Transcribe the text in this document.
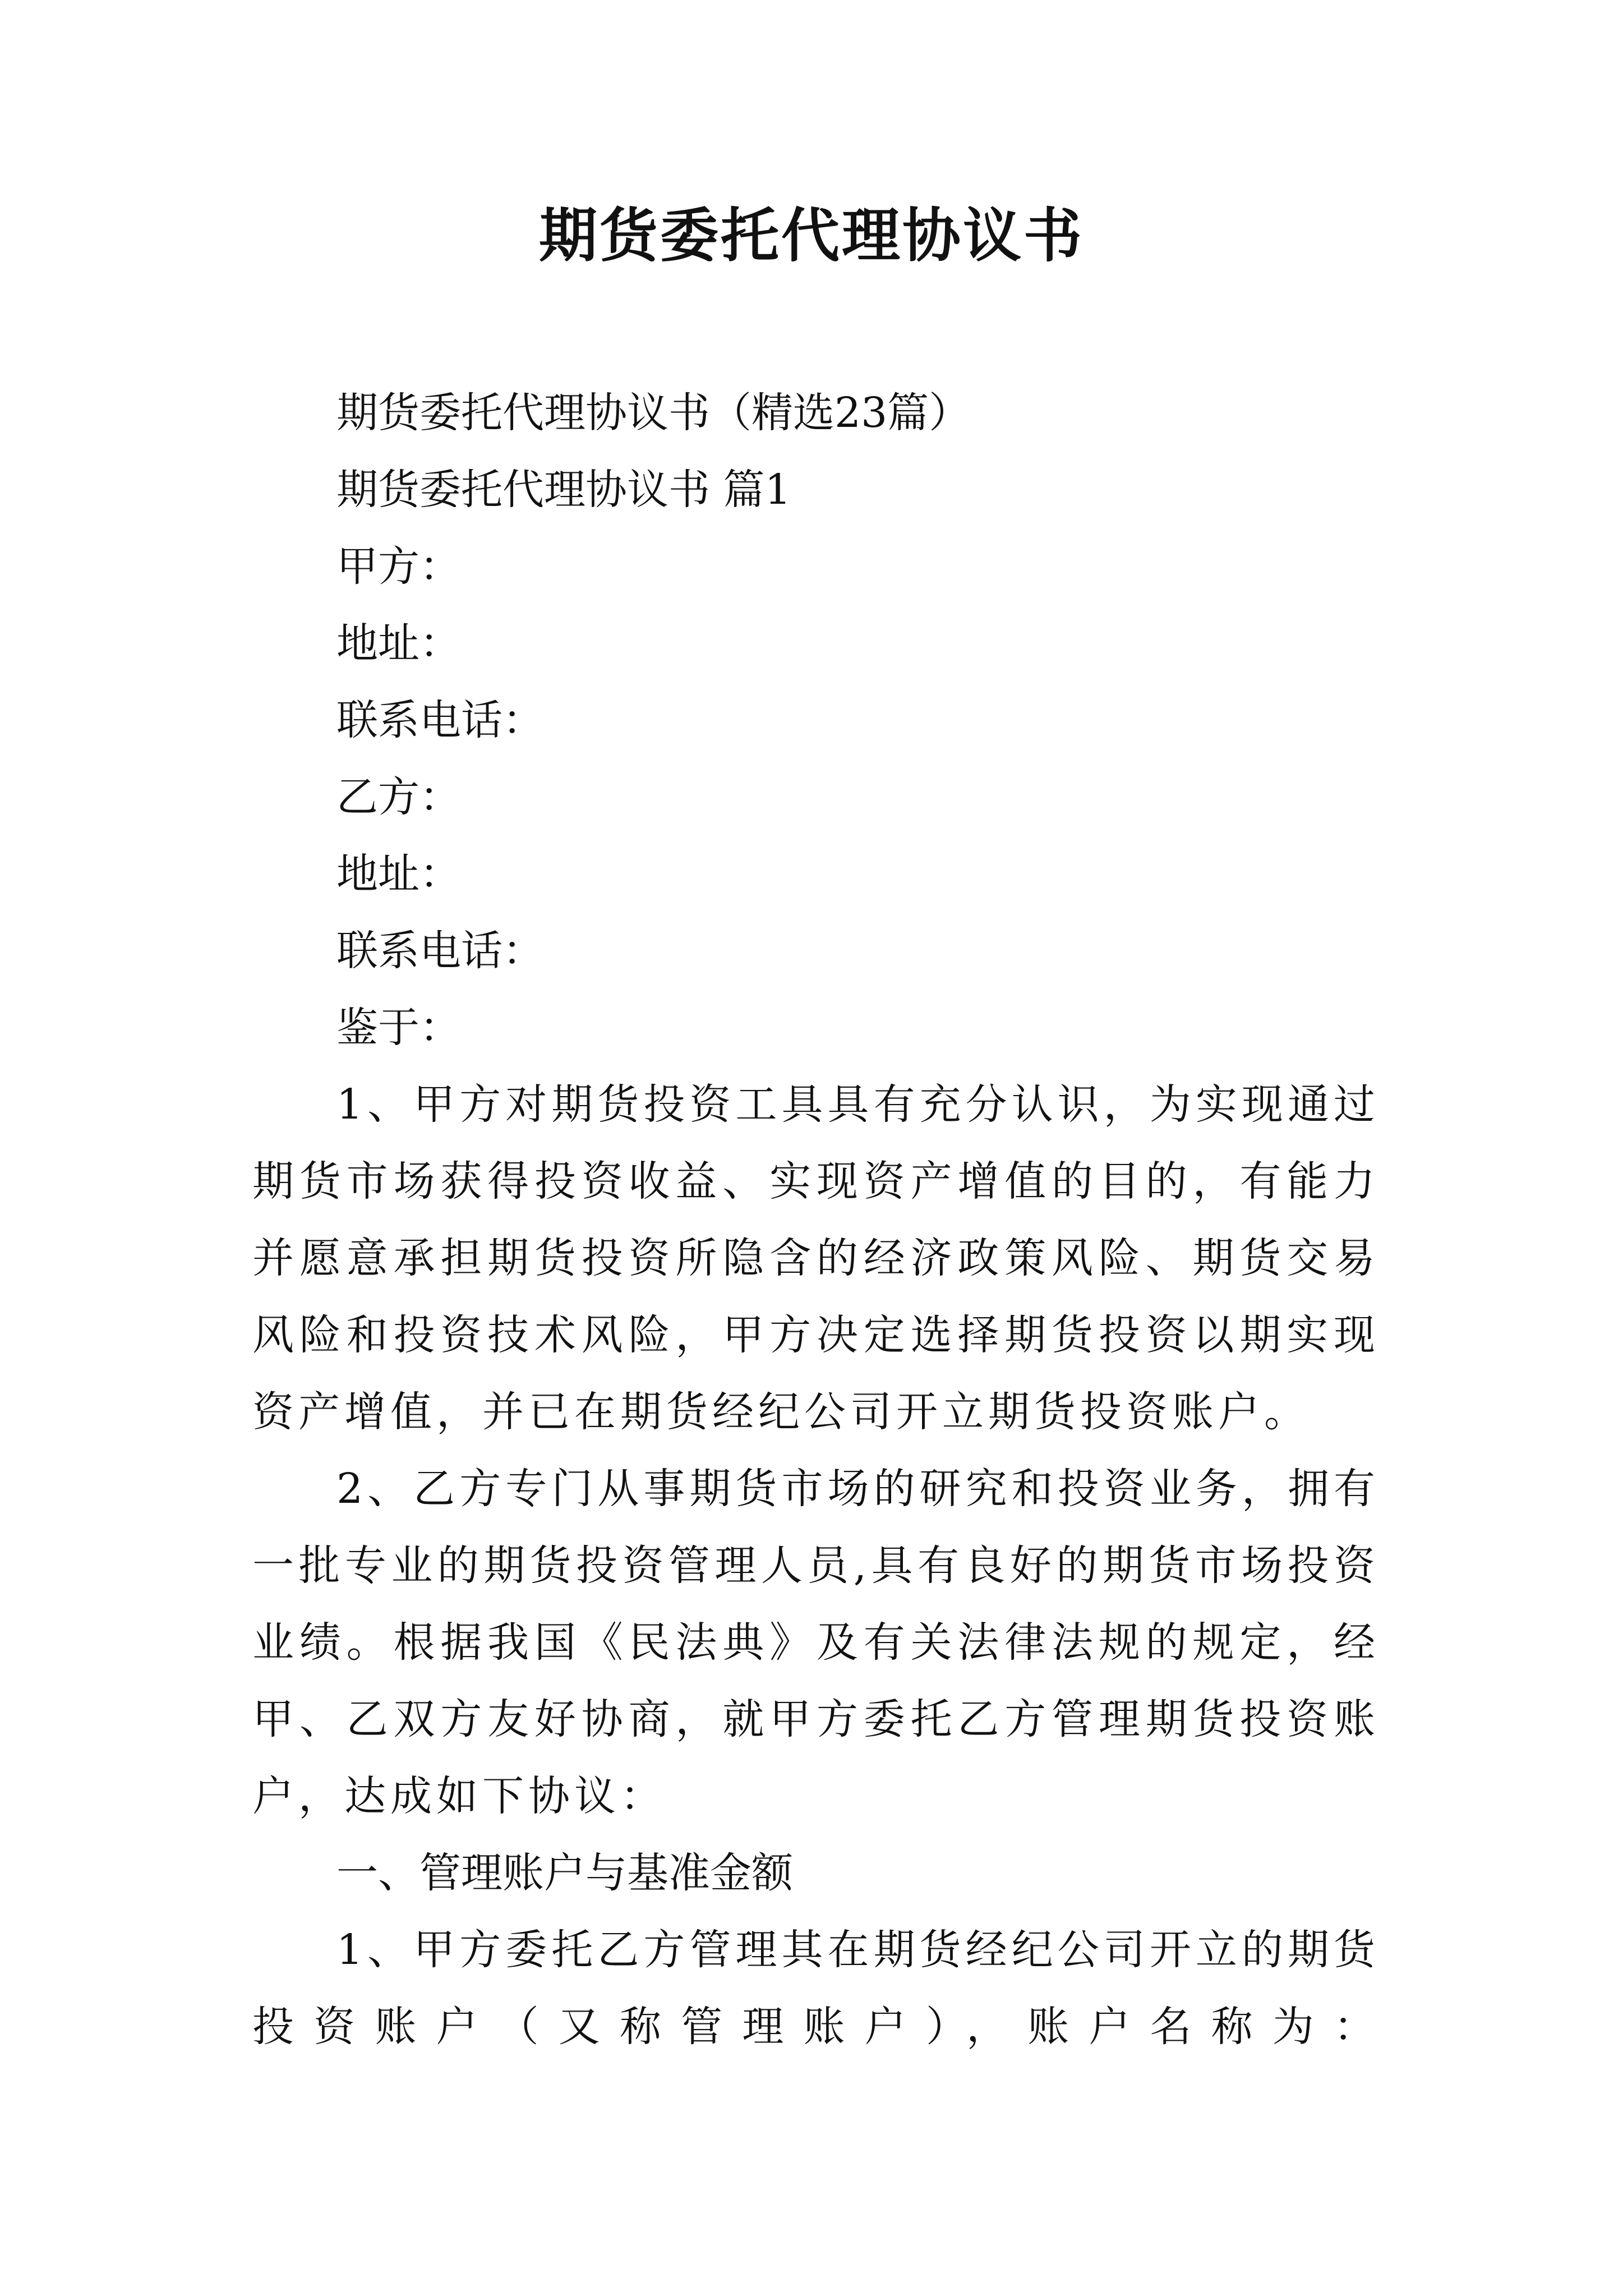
期货委托代理协议书
期货委托代理协议书（精选23篇）
期货委托代理协议书 篇1
甲方：
地址：
联系电话：
乙方：
地址：
联系电话：
鉴于：

1、甲方对期货投资工具具有充分认识，为实现通过期货市场获得投资收益、实现资产增值的目的，有能力并愿意承担期货投资所隐含的经济政策风险、期货交易风险和投资技术风险，甲方决定选择期货投资以期实现资产增值，并已在期货经纪公司开立期货投资账户。

2、乙方专门从事期货市场的研究和投资业务，拥有一批专业的期货投资管理人员,具有良好的期货市场投资业绩。根据我国《民法典》及有关法律法规的规定，经甲、乙双方友好协商，就甲方委托乙方管理期货投资账户，达成如下协议：

一、管理账户与基准金额

1、甲方委托乙方管理其在期货经纪公司开立的期货投资账户（又称管理账户），账户名称为：
